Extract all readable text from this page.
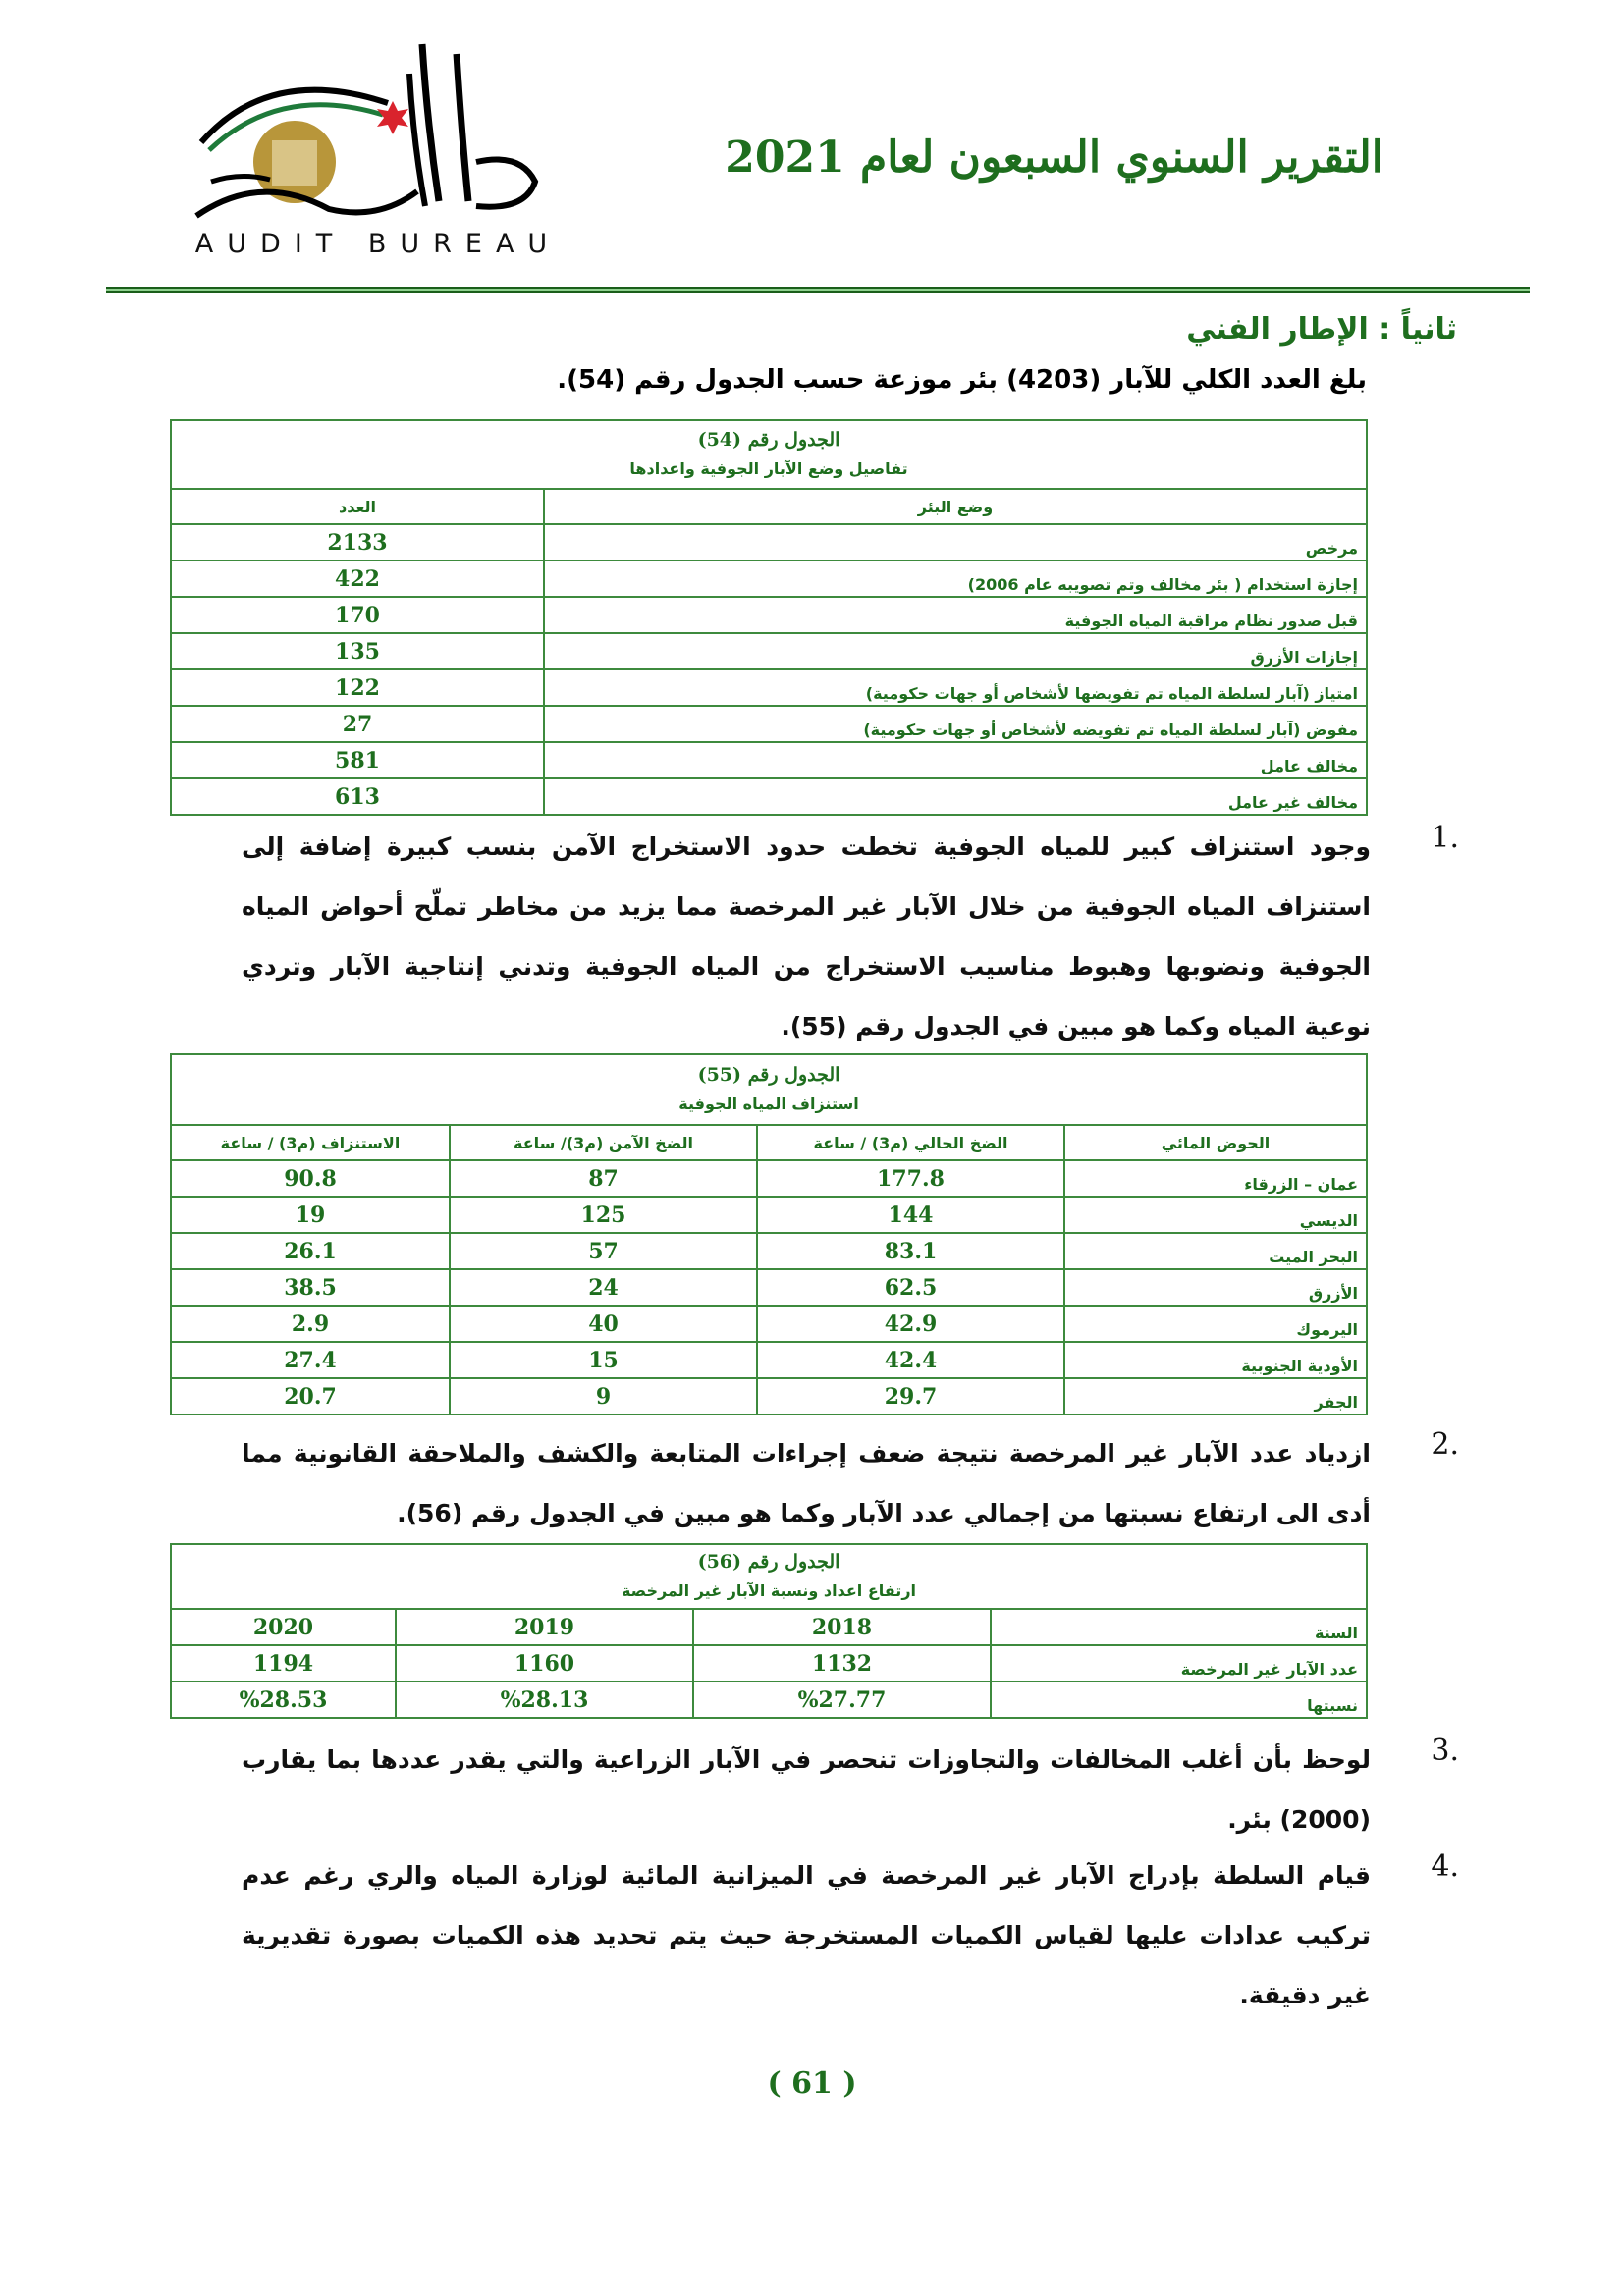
AUDIT BUREAU
التقرير السنوي السبعون لعام 2021
ثانياً : الإطار الفني
بلغ العدد الكلي للآبار (4203) بئر موزعة حسب الجدول رقم (54).
الجدول رقم (54)
تفاصيل وضع الآبار الجوفية واعدادها	

وضع البئر	العدد
مرخص	2133
إجازة استخدام ( بئر مخالف وتم تصويبه عام 2006)	422
قبل صدور نظام مراقبة المياه الجوفية	170
إجازات الأزرق	135
امتياز (آبار لسلطة المياه تم تفويضها لأشخاص أو جهات حكومية)	122
مفوض (آبار لسلطة المياه تم تفويضه لأشخاص أو جهات حكومية)	27
مخالف عامل	581
مخالف غير عامل	613
1.
وجود استنزاف كبير للمياه الجوفية تخطت حدود الاستخراج الآمن بنسب كبيرة إضافة إلى استنزاف المياه الجوفية من خلال الآبار غير المرخصة مما يزيد من مخاطر تملّح أحواض المياه الجوفية ونضوبها وهبوط مناسيب الاستخراج من المياه الجوفية وتدني إنتاجية الآبار وتردي نوعية المياه وكما هو مبين في الجدول رقم (55).
الجدول رقم (55)
استنزاف المياه الجوفية			

الحوض المائي	الضخ الحالي (م3) / ساعة	الضخ الآمن (م3)/ ساعة	الاستنزاف (م3) / ساعة
عمان – الزرقاء	177.8	87	90.8
الديسي	144	125	19
البحر الميت	83.1	57	26.1
الأزرق	62.5	24	38.5
اليرموك	42.9	40	2.9
الأودية الجنوبية	42.4	15	27.4
الجفر	29.7	9	20.7
2.
ازدياد عدد الآبار غير المرخصة نتيجة ضعف إجراءات المتابعة والكشف والملاحقة القانونية مما أدى الى ارتفاع نسبتها من إجمالي عدد الآبار وكما هو مبين في الجدول رقم (56).
الجدول رقم (56)
ارتفاع اعداد ونسبة الآبار غير المرخصة			

السنة	2018	2019	2020
عدد الآبار غير المرخصة	1132	1160	1194
نسبتها	%27.77	%28.13	%28.53
3.
لوحظ بأن أغلب المخالفات والتجاوزات تنحصر في الآبار الزراعية والتي يقدر عددها بما يقارب (2000) بئر.
4.
قيام السلطة بإدراج الآبار غير المرخصة في الميزانية المائية لوزارة المياه والري رغم عدم تركيب عدادات عليها لقياس الكميات المستخرجة حيث يتم تحديد هذه الكميات بصورة تقديرية غير دقيقة.
( 61 )
